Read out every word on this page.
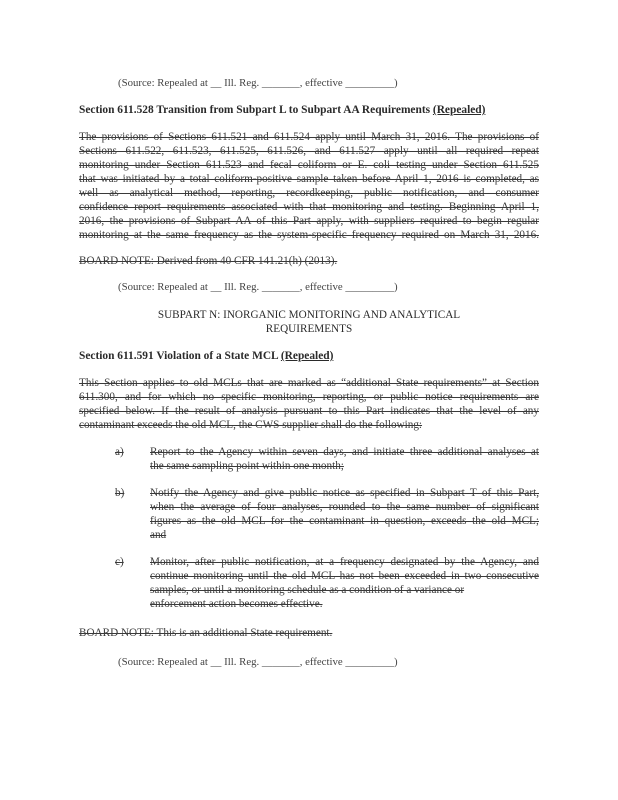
(Source: Repealed at __ Ill. Reg. _______, effective _________)
Section 611.528 Transition from Subpart L to Subpart AA Requirements (Repealed)
The provisions of Sections 611.521 and 611.524 apply until March 31, 2016. The provisions of
Sections 611.522, 611.523, 611.525, 611.526, and 611.527 apply until all required repeat
monitoring under Section 611.523 and fecal coliform or E. coli testing under Section 611.525
that was initiated by a total coliform-positive sample taken before April 1, 2016 is completed, as
well as analytical method, reporting, recordkeeping, public notification, and consumer
confidence report requirements associated with that monitoring and testing. Beginning April 1,
2016, the provisions of Subpart AA of this Part apply, with suppliers required to begin regular
monitoring at the same frequency as the system-specific frequency required on March 31, 2016.
BOARD NOTE: Derived from 40 CFR 141.21(h) (2013).
(Source: Repealed at __ Ill. Reg. _______, effective _________)
SUBPART N: INORGANIC MONITORING AND ANALYTICAL
REQUIREMENTS
Section 611.591 Violation of a State MCL (Repealed)
This Section applies to old MCLs that are marked as “additional State requirements” at Section
611.300, and for which no specific monitoring, reporting, or public notice requirements are
specified below. If the result of analysis pursuant to this Part indicates that the level of any
contaminant exceeds the old MCL, the CWS supplier shall do the following:
a) Report to the Agency within seven days, and initiate three additional analyses at
the same sampling point within one month;
b) Notify the Agency and give public notice as specified in Subpart T of this Part,
when the average of four analyses, rounded to the same number of significant
figures as the old MCL for the contaminant in question, exceeds the old MCL;
and
c) Monitor, after public notification, at a frequency designated by the Agency, and
continue monitoring until the old MCL has not been exceeded in two consecutive
samples, or until a monitoring schedule as a condition of a variance or
enforcement action becomes effective.
BOARD NOTE: This is an additional State requirement.
(Source: Repealed at __ Ill. Reg. _______, effective _________)
